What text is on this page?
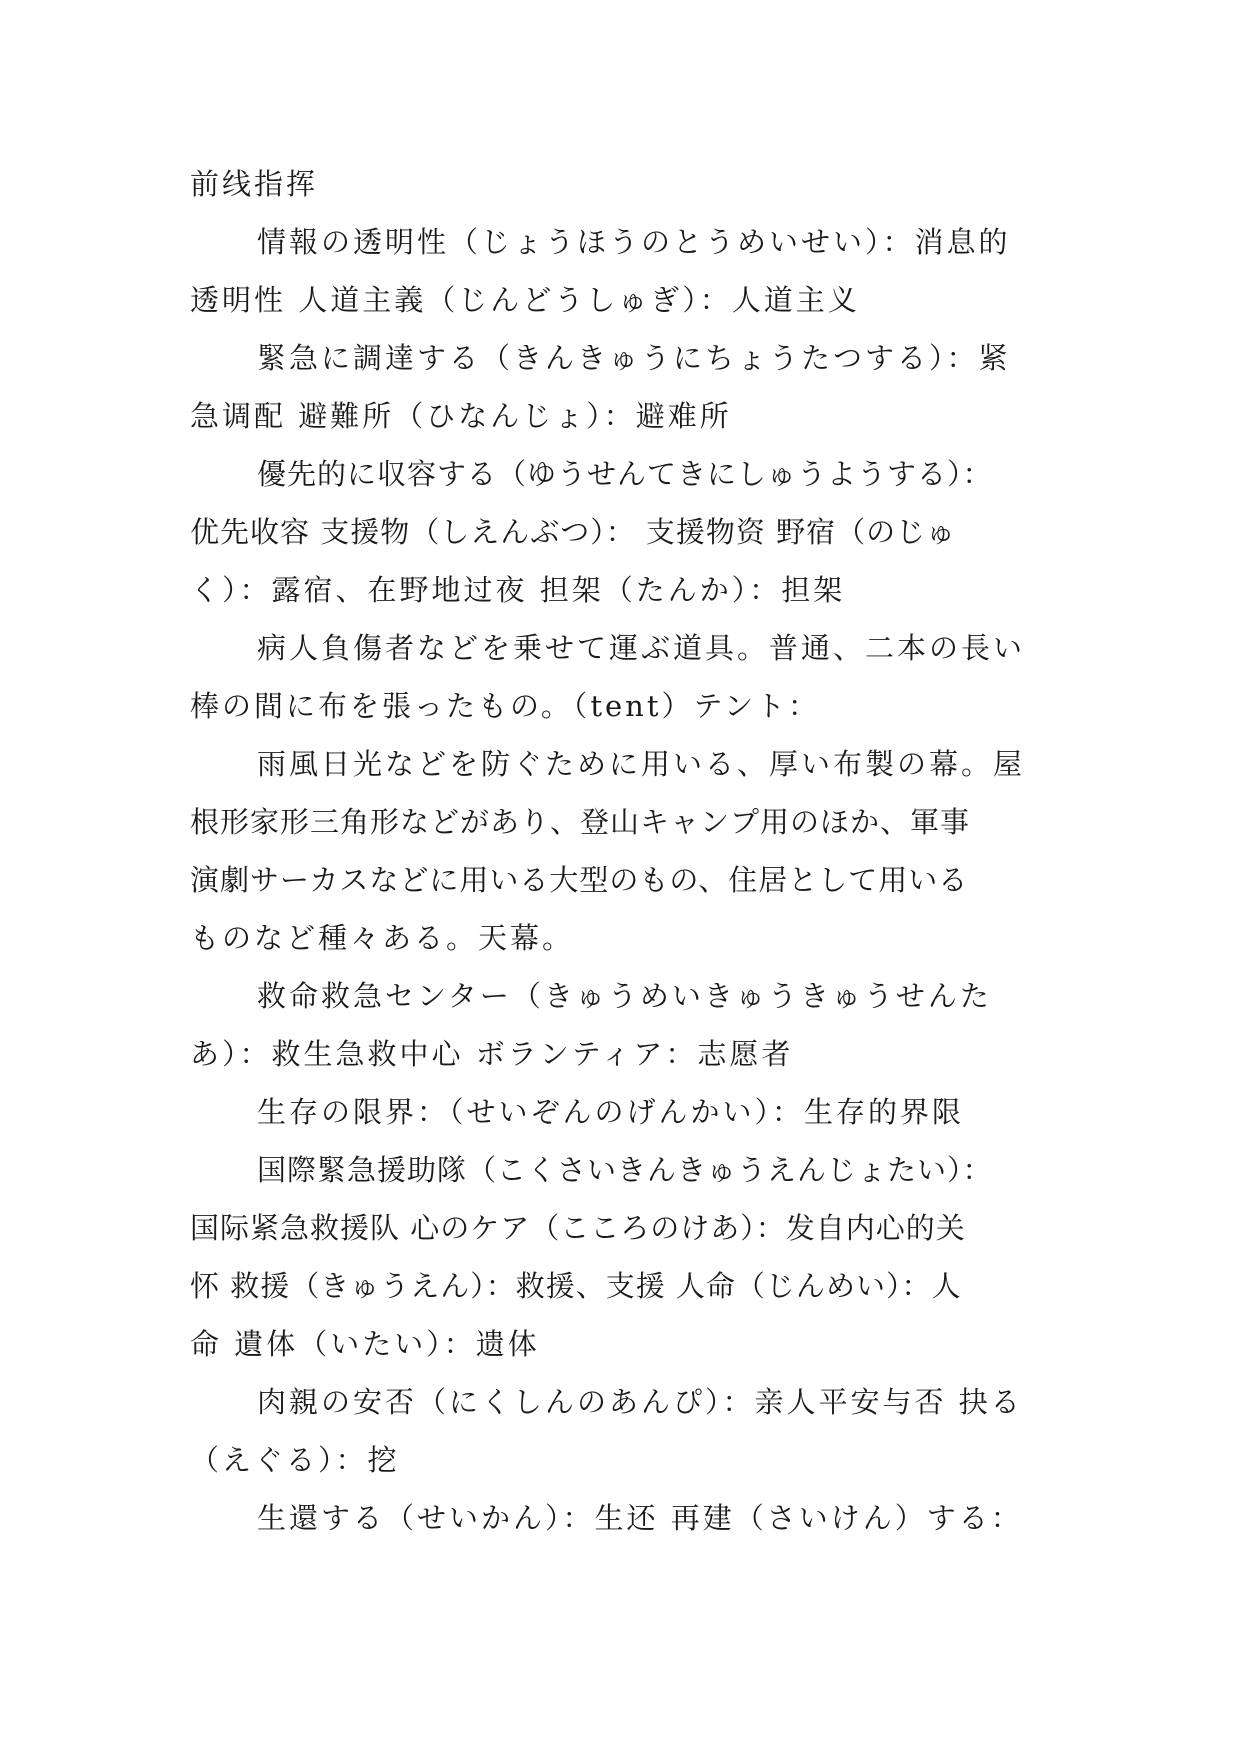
前线指挥
情報の透明性（じょうほうのとうめいせい）：消息的
透明性 人道主義（じんどうしゅぎ）：人道主义
緊急に調達する（きんきゅうにちょうたつする）：紧
急调配 避難所（ひなんじょ）：避难所
優先的に収容する（ゆうせんてきにしゅうようする）：
优先收容 支援物（しえんぶつ）： 支援物资 野宿（のじゅ
く）：露宿、在野地过夜 担架（たんか）：担架
病人負傷者などを乗せて運ぶ道具。普通、二本の長い
棒の間に布を張ったもの。（tent）テント：
雨風日光などを防ぐために用いる、厚い布製の幕。屋
根形家形三角形などがあり、登山キャンプ用のほか、軍事
演劇サーカスなどに用いる大型のもの、住居として用いる
ものなど種々ある。天幕。
救命救急センター（きゅうめいきゅうきゅうせんた
あ）：救生急救中心 ボランティア：志愿者
生存の限界：（せいぞんのげんかい）：生存的界限
国際緊急援助隊（こくさいきんきゅうえんじょたい）：
国际紧急救援队 心のケア（こころのけあ）：发自内心的关
怀 救援（きゅうえん）：救援、支援 人命（じんめい）：人
命 遺体（いたい）：遗体
肉親の安否（にくしんのあんぴ）：亲人平安与否 抉る
（えぐる）：挖
生還する（せいかん）：生还 再建（さいけん）する：
